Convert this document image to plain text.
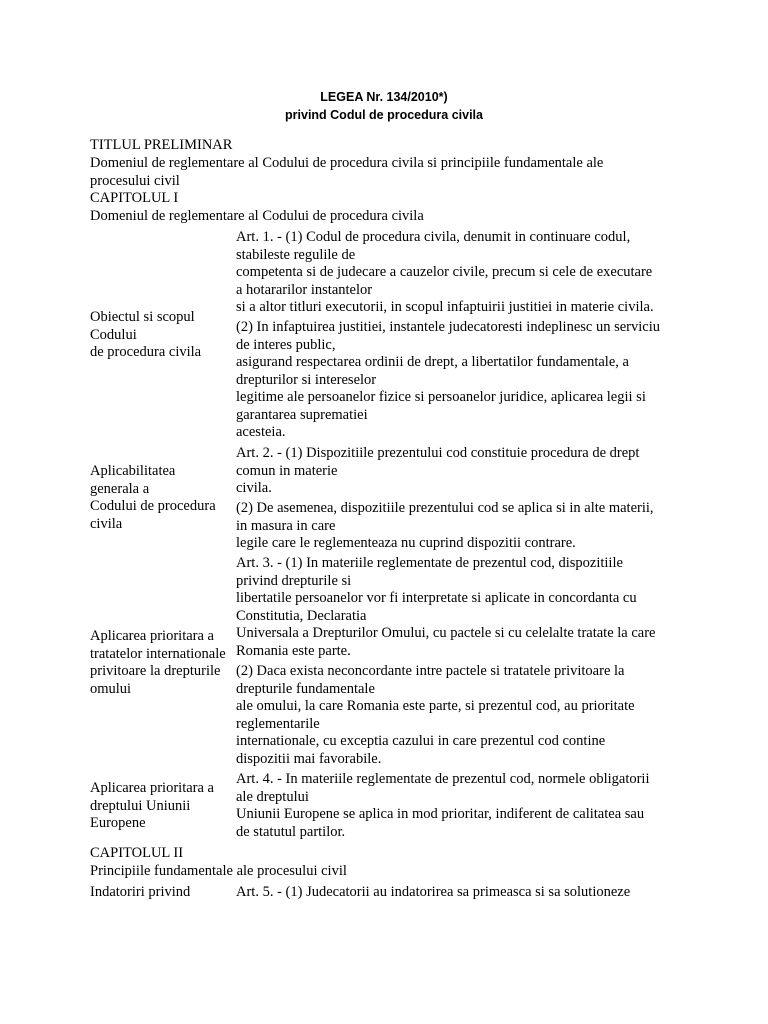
LEGEA Nr. 134/2010*)
privind Codul de procedura civila
TITLUL PRELIMINAR
Domeniul de reglementare al Codului de procedura civila si principiile fundamentale ale
procesului civil
CAPITOLUL I
Domeniul de reglementare al Codului de procedura civila
Obiectul si scopul
Codului
de procedura civila
Art. 1. - (1) Codul de procedura civila, denumit in continuare codul,
stabileste regulile de
competenta si de judecare a cauzelor civile, precum si cele de executare
a hotararilor instantelor
si a altor titluri executorii, in scopul infaptuirii justitiei in materie civila.
(2) In infaptuirea justitiei, instantele judecatoresti indeplinesc un serviciu
de interes public,
asigurand respectarea ordinii de drept, a libertatilor fundamentale, a
drepturilor si intereselor
legitime ale persoanelor fizice si persoanelor juridice, aplicarea legii si
garantarea suprematiei
acesteia.
Aplicabilitatea
generala a
Codului de procedura
civila
Art. 2. - (1) Dispozitiile prezentului cod constituie procedura de drept
comun in materie
civila.
(2) De asemenea, dispozitiile prezentului cod se aplica si in alte materii,
in masura in care
legile care le reglementeaza nu cuprind dispozitii contrare.
Aplicarea prioritara a
tratatelor internationale
privitoare la drepturile
omului
Art. 3. - (1) In materiile reglementate de prezentul cod, dispozitiile
privind drepturile si
libertatile persoanelor vor fi interpretate si aplicate in concordanta cu
Constitutia, Declaratia
Universala a Drepturilor Omului, cu pactele si cu celelalte tratate la care
Romania este parte.
(2) Daca exista neconcordante intre pactele si tratatele privitoare la
drepturile fundamentale
ale omului, la care Romania este parte, si prezentul cod, au prioritate
reglementarile
internationale, cu exceptia cazului in care prezentul cod contine
dispozitii mai favorabile.
Aplicarea prioritara a
dreptului Uniunii
Europene
Art. 4. - In materiile reglementate de prezentul cod, normele obligatorii
ale dreptului
Uniunii Europene se aplica in mod prioritar, indiferent de calitatea sau
de statutul partilor.
CAPITOLUL II
Principiile fundamentale ale procesului civil
Indatoriri privind	Art. 5. - (1) Judecatorii au indatorirea sa primeasca si sa solutioneze
